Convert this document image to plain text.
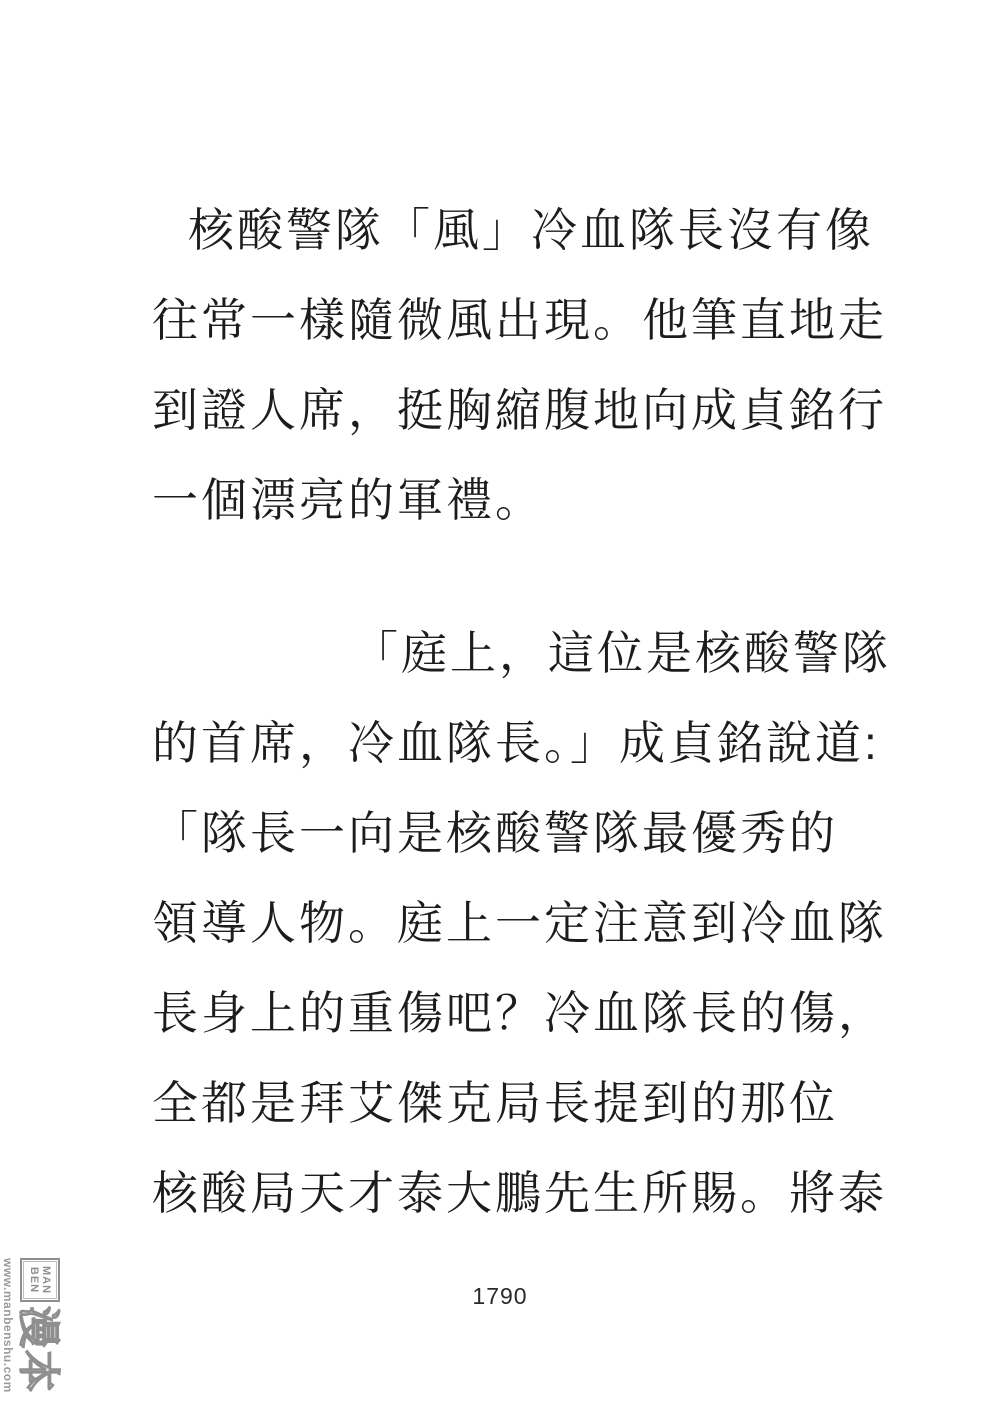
核酸警隊「風」冷血隊長沒有像
往常一樣隨微風出現。他筆直地走
到證人席，挺胸縮腹地向成貞銘行
一個漂亮的軍禮。
「庭上，這位是核酸警隊
的首席，冷血隊長。」成貞銘說道:
「隊長一向是核酸警隊最優秀的
領導人物。庭上一定注意到冷血隊
長身上的重傷吧？冷血隊長的傷，
全都是拜艾傑克局長提到的那位
核酸局天才泰大鵬先生所賜。將泰
1790
MAN
BEN
漫
本
www.manbenshu.com
